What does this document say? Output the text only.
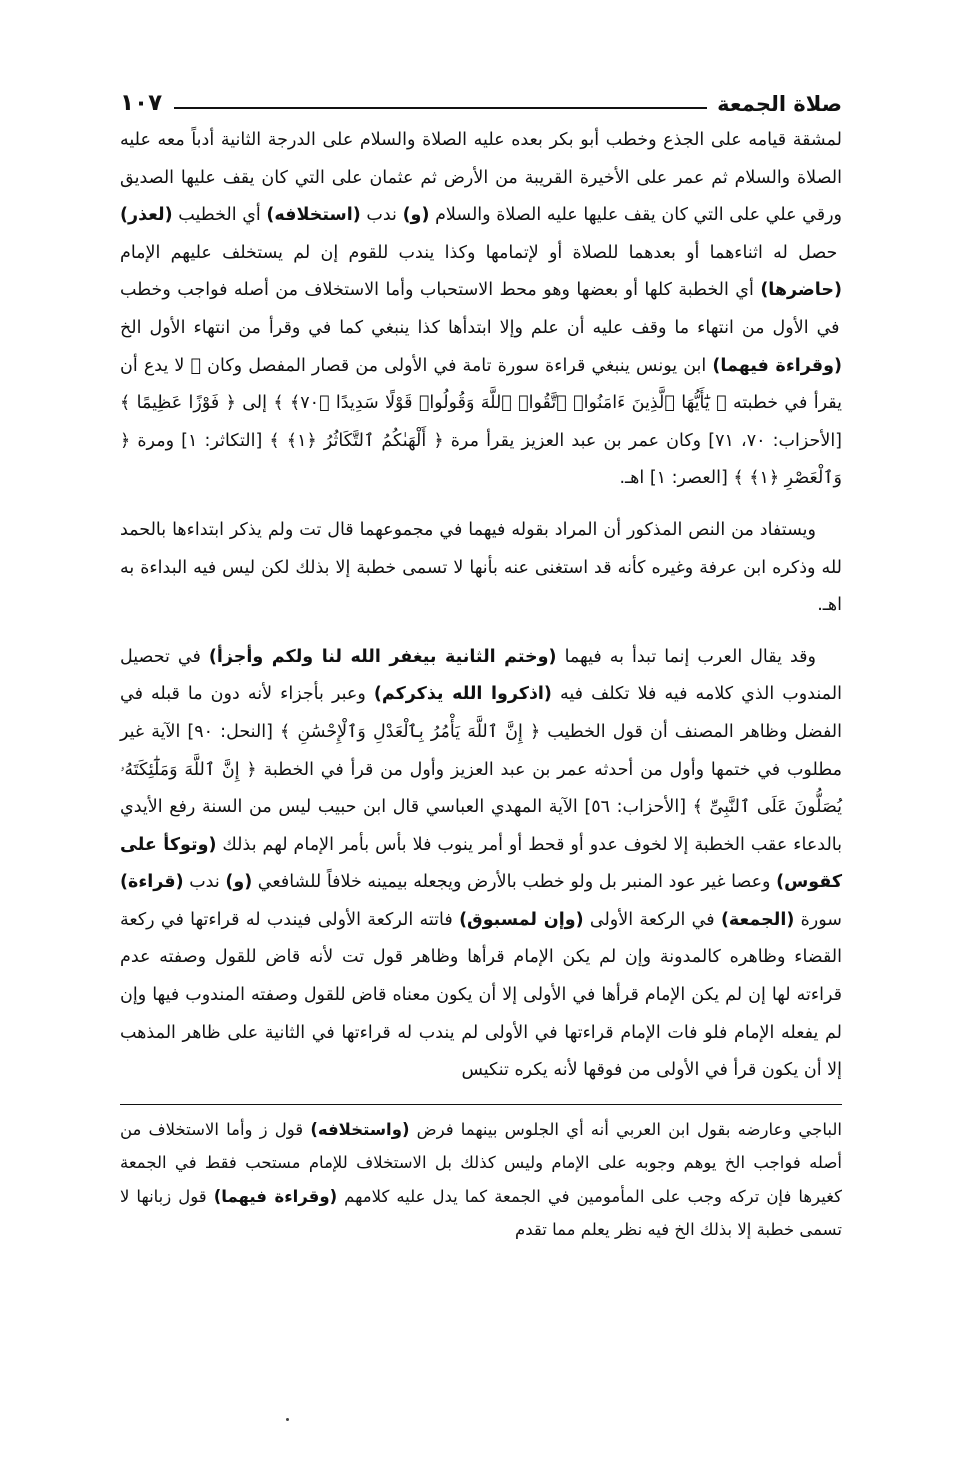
صلاة الجمعة
١٠٧

لمشقة قيامه على الجذع وخطب أبو بكر بعده عليه الصلاة والسلام على الدرجة الثانية أدباً معه عليه الصلاة والسلام ثم عمر على الأخيرة القريبة من الأرض ثم عثمان على التي كان يقف عليها الصديق ورقي علي على التي كان يقف عليها عليه الصلاة والسلام (و) ندب (استخلافه) أي الخطيب (لعذر) حصل له اثناءهما أو بعدهما للصلاة أو لإتمامها وكذا يندب للقوم إن لم يستخلف عليهم الإمام (حاضرها) أي الخطبة كلها أو بعضها وهو محط الاستحباب وأما الاستخلاف من أصله فواجب وخطب في الأول من انتهاء ما وقف عليه أن علم وإلا ابتدأها كذا ينبغي كما في وقرأ من انتهاء الأول الخ (وقراءة فيهما) ابن يونس ينبغي قراءة سورة تامة في الأولى من قصار المفصل وكان ﷺ لا يدع أن يقرأ في خطبته ﴿ يَٰٓأَيُّهَا ٱلَّذِينَ ءَامَنُوا۟ ٱتَّقُوا۟ ٱللَّهَ وَقُولُوا۟ قَوْلًا سَدِيدًا ﴿٧٠﴾ ﴾ إلى ﴿ فَوْزًا عَظِيمًا ﴾ [الأحزاب: ٧٠، ٧١] وكان عمر بن عبد العزيز يقرأ مرة ﴿ أَلْهَىٰكُمُ ٱلتَّكَاثُرُ ﴿١﴾ ﴾ [التكاثر: ١] ومرة ﴿ وَٱلْعَصْرِ ﴿١﴾ ﴾ [العصر: ١] اهـ.

ويستفاد من النص المذكور أن المراد بقوله فيهما في مجموعهما قال تت ولم يذكر ابتداءها بالحمد لله وذكره ابن عرفة وغيره كأنه قد استغنى عنه بأنها لا تسمى خطبة إلا بذلك لكن ليس فيه البداءة به اهـ.

وقد يقال العرب إنما تبدأ به فيهما (وختم الثانية بيغفر الله لنا ولكم وأجزأ) في تحصيل المندوب الذي كلامه فيه فلا تكلف فيه (اذكروا الله يذكركم) وعبر بأجزاء لأنه دون ما قبله في الفضل وظاهر المصنف أن قول الخطيب ﴿ إِنَّ ٱللَّهَ يَأْمُرُ بِٱلْعَدْلِ وَٱلْإِحْسَٰنِ ﴾ [النحل: ٩٠] الآية غير مطلوب في ختمها وأول من أحدثه عمر بن عبد العزيز وأول من قرأ في الخطبة ﴿ إِنَّ ٱللَّهَ وَمَلَٰٓئِكَتَهُۥ يُصَلُّونَ عَلَى ٱلنَّبِىِّ ﴾ [الأحزاب: ٥٦] الآية المهدي العباسي قال ابن حبيب ليس من السنة رفع الأيدي بالدعاء عقب الخطبة إلا لخوف عدو أو قحط أو أمر ينوب فلا بأس بأمر الإمام لهم بذلك (وتوكأ على كقوس) وعصا غير عود المنبر بل ولو خطب بالأرض ويجعله بيمينه خلافاً للشافعي (و) ندب (قراءة) سورة (الجمعة) في الركعة الأولى (وإن لمسبوق) فاتته الركعة الأولى فيندب له قراءتها في ركعة القضاء وظاهره كالمدونة وإن لم يكن الإمام قرأها وظاهر قول تت لأنه قاض للقول وصفته عدم قراءته لها إن لم يكن الإمام قرأها في الأولى إلا أن يكون معناه قاض للقول وصفته المندوب فيها وإن لم يفعله الإمام فلو فات الإمام قراءتها في الأولى لم يندب له قراءتها في الثانية على ظاهر المذهب إلا أن يكون قرأ في الأولى من فوقها لأنه يكره تنكيس

الباجي وعارضه بقول ابن العربي أنه أي الجلوس بينهما فرض (واستخلافه) قول ز وأما الاستخلاف من أصله فواجب الخ يوهم وجوبه على الإمام وليس كذلك بل الاستخلاف للإمام مستحب فقط في الجمعة كغيرها فإن تركه وجب على المأمومين في الجمعة كما يدل عليه كلامهم (وقراءة فيهما) قول زبانها لا تسمى خطبة إلا بذلك الخ فيه نظر يعلم مما تقدم
